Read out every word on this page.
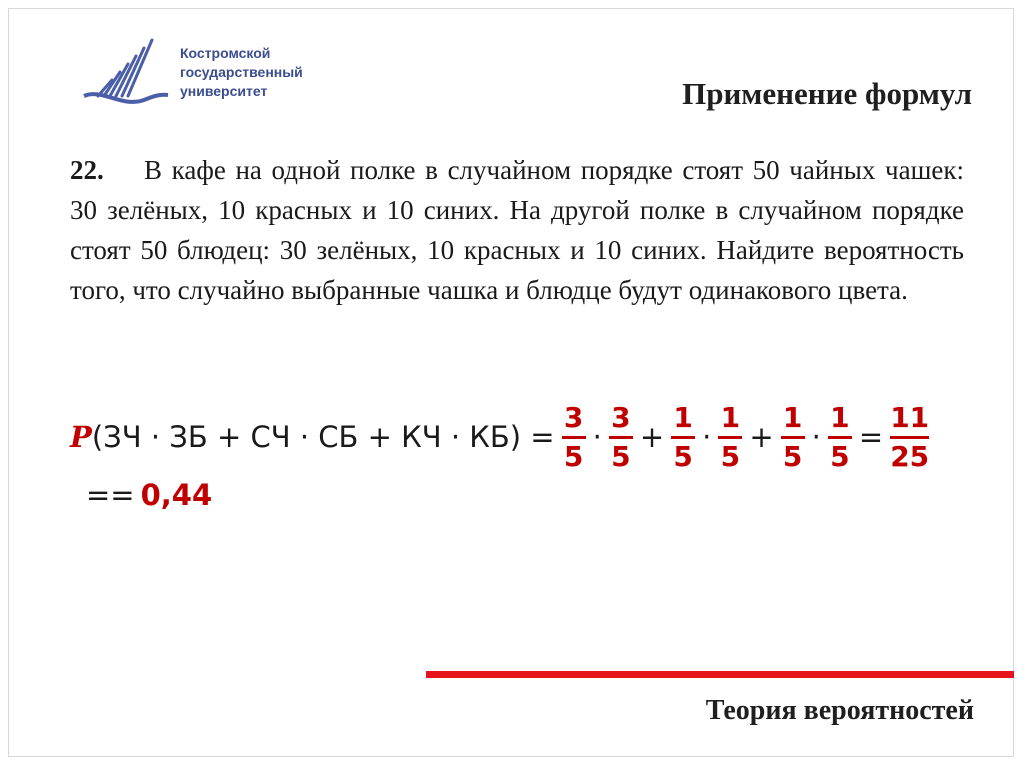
Костромской
государственный
университет	Применение формул
22. В кафе на одной полке в случайном порядке стоят 50 чайных чашек: 30 зелёных, 10 красных и 10 синих. На другой полке в случайном порядке стоят 50 блюдец: 30 зелёных, 10 красных и 10 синих. Найдите вероятность того, что случайно выбранные чашка и блюдце будут одинакового цвета.
P (ЗЧ · ЗБ + СЧ · СБ + КЧ · $КБ) = \frac{3}{5} \cdot \frac{3}{5} + \frac{1}{5} \cdot \frac{1}{5} + \frac{1}{5} \cdot \frac{1}{5} = \frac{11}{25}$
== 0,44
Теория вероятностей
